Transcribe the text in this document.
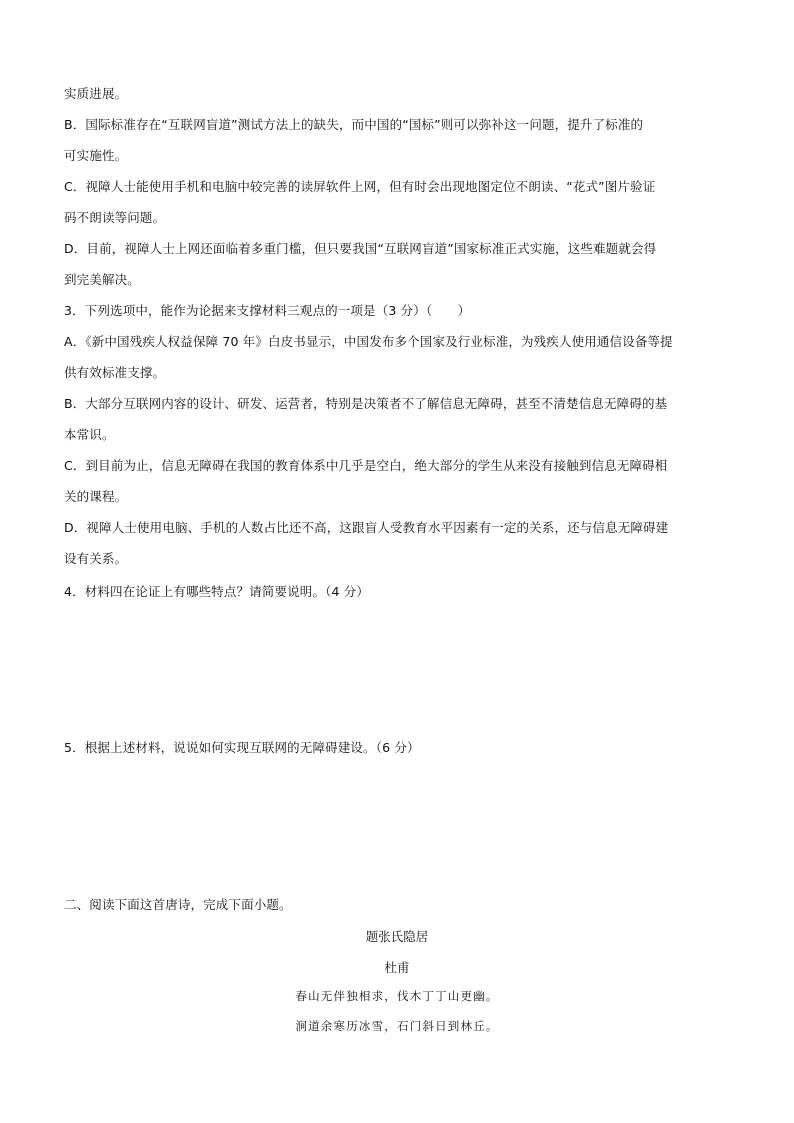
实质进展。
B．国际标准存在“互联网盲道”测试方法上的缺失，而中国的“国标”则可以弥补这一问题，提升了标准的
可实施性。
C．视障人士能使用手机和电脑中较完善的读屏软件上网，但有时会出现地图定位不朗读、“花式”图片验证
码不朗读等问题。
D．目前，视障人士上网还面临着多重门槛，但只要我国“互联网盲道”国家标准正式实施，这些难题就会得
到完美解决。
3．下列选项中，能作为论据来支撑材料三观点的一项是（3 分）（　　）
A．《新中国残疾人权益保障 70 年》白皮书显示，中国发布多个国家及行业标准，为残疾人使用通信设备等提
供有效标准支撑。
B．大部分互联网内容的设计、研发、运营者，特别是决策者不了解信息无障碍，甚至不清楚信息无障碍的基
本常识。
C．到目前为止，信息无障碍在我国的教育体系中几乎是空白，绝大部分的学生从来没有接触到信息无障碍相
关的课程。
D．视障人士使用电脑、手机的人数占比还不高，这跟盲人受教育水平因素有一定的关系，还与信息无障碍建
设有关系。
4．材料四在论证上有哪些特点？请简要说明。（4 分）
5．根据上述材料，说说如何实现互联网的无障碍建设。（6 分）
二、阅读下面这首唐诗，完成下面小题。
题张氏隐居
杜甫
春山无伴独相求，伐木丁丁山更幽。
涧道余寒历冰雪，石门斜日到林丘。
